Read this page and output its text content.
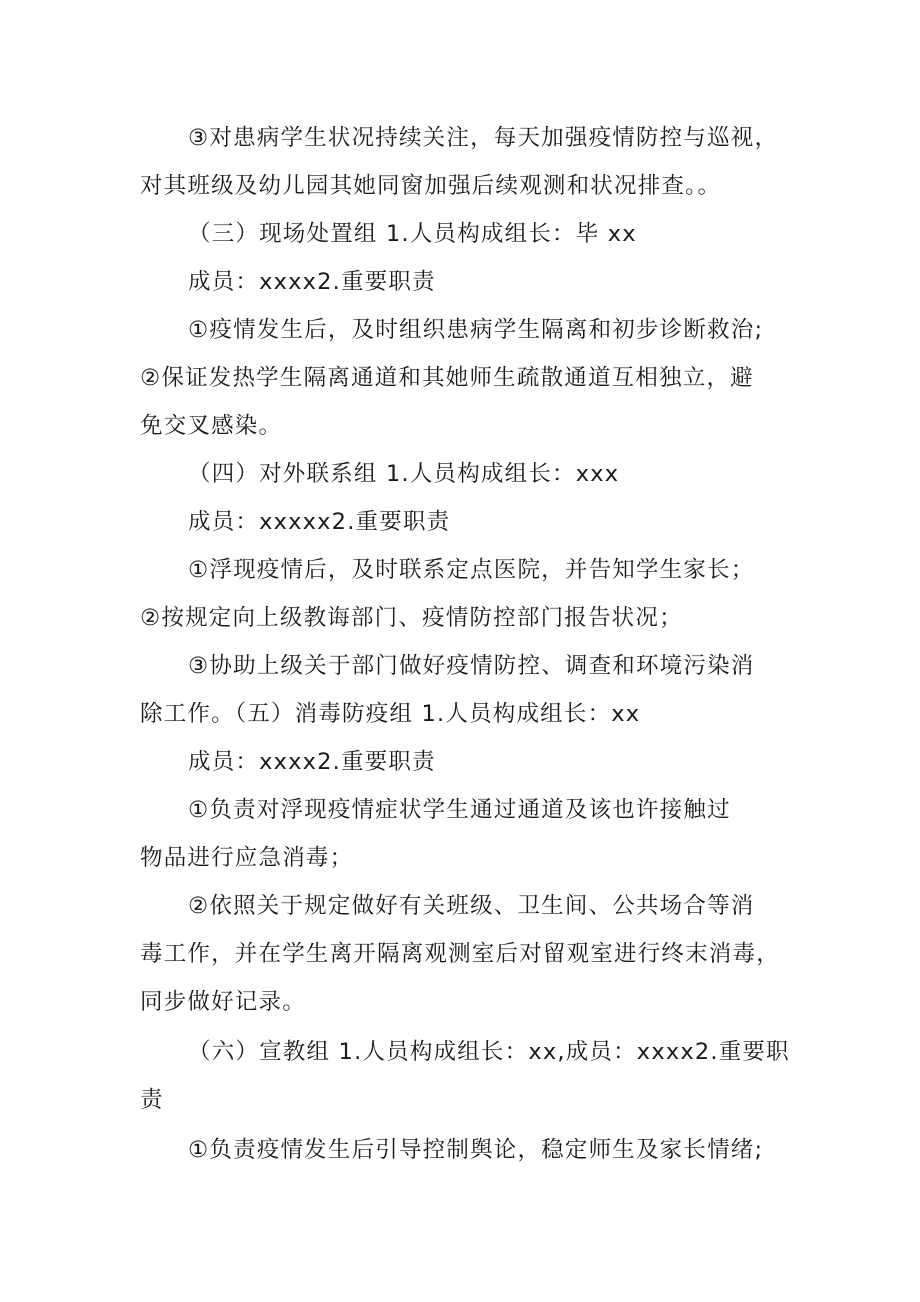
③对患病学生状况持续关注，每天加强疫情防控与巡视，
对其班级及幼儿园其她同窗加强后续观测和状况排查。。
（三）现场处置组 1.人员构成组长：毕 xx
成员：xxxx2.重要职责
①疫情发生后，及时组织患病学生隔离和初步诊断救治;
②保证发热学生隔离通道和其她师生疏散通道互相独立，避
免交叉感染。
（四）对外联系组 1.人员构成组长：xxx
成员：xxxxx2.重要职责
①浮现疫情后，及时联系定点医院，并告知学生家长；
②按规定向上级教诲部门、疫情防控部门报告状况；
③协助上级关于部门做好疫情防控、调查和环境污染消
除工作。（五）消毒防疫组 1.人员构成组长：xx
成员：xxxx2.重要职责
①负责对浮现疫情症状学生通过通道及该也许接触过
物品进行应急消毒；
②依照关于规定做好有关班级、卫生间、公共场合等消
毒工作，并在学生离开隔离观测室后对留观室进行终末消毒，
同步做好记录。
（六）宣教组 1.人员构成组长：xx,成员：xxxx2.重要职
责
①负责疫情发生后引导控制舆论，稳定师生及家长情绪;
